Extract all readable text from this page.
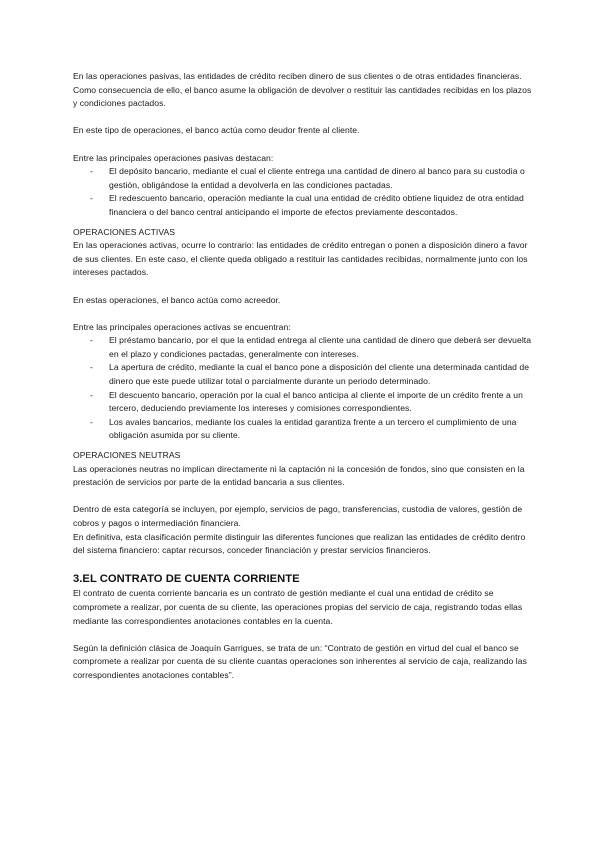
En las operaciones pasivas, las entidades de crédito reciben dinero de sus clientes o de otras entidades financieras. Como consecuencia de ello, el banco asume la obligación de devolver o restituir las cantidades recibidas en los plazos y condiciones pactados.

En este tipo de operaciones, el banco actúa como deudor frente al cliente.

Entre las principales operaciones pasivas destacan:

- El depósito bancario, mediante el cual el cliente entrega una cantidad de dinero al banco para su custodia o gestión, obligándose la entidad a devolverla en las condiciones pactadas.
- El redescuento bancario, operación mediante la cual una entidad de crédito obtiene liquidez de otra entidad financiera o del banco central anticipando el importe de efectos previamente descontados.

OPERACIONES ACTIVAS

En las operaciones activas, ocurre lo contrario: las entidades de crédito entregan o ponen a disposición dinero a favor de sus clientes. En este caso, el cliente queda obligado a restituir las cantidades recibidas, normalmente junto con los intereses pactados.

En estas operaciones, el banco actúa como acreedor.

Entre las principales operaciones activas se encuentran:

- El préstamo bancario, por el que la entidad entrega al cliente una cantidad de dinero que deberá ser devuelta en el plazo y condiciones pactadas, generalmente con intereses.
- La apertura de crédito, mediante la cual el banco pone a disposición del cliente una determinada cantidad de dinero que este puede utilizar total o parcialmente durante un periodo determinado.
- El descuento bancario, operación por la cual el banco anticipa al cliente el importe de un crédito frente a un tercero, deduciendo previamente los intereses y comisiones correspondientes.
- Los avales bancarios, mediante los cuales la entidad garantiza frente a un tercero el cumplimiento de una obligación asumida por su cliente.

OPERACIONES NEUTRAS

Las operaciones neutras no implican directamente ni la captación ni la concesión de fondos, sino que consisten en la prestación de servicios por parte de la entidad bancaria a sus clientes.

Dentro de esta categoría se incluyen, por ejemplo, servicios de pago, transferencias, custodia de valores, gestión de cobros y pagos o intermediación financiera.

En definitiva, esta clasificación permite distinguir las diferentes funciones que realizan las entidades de crédito dentro del sistema financiero: captar recursos, conceder financiación y prestar servicios financieros.

3.EL CONTRATO DE CUENTA CORRIENTE

El contrato de cuenta corriente bancaria es un contrato de gestión mediante el cual una entidad de crédito se compromete a realizar, por cuenta de su cliente, las operaciones propias del servicio de caja, registrando todas ellas mediante las correspondientes anotaciones contables en la cuenta.

Según la definición clásica de Joaquín Garrigues, se trata de un: “Contrato de gestión en virtud del cual el banco se compromete a realizar por cuenta de su cliente cuantas operaciones son inherentes al servicio de caja, realizando las correspondientes anotaciones contables”.
